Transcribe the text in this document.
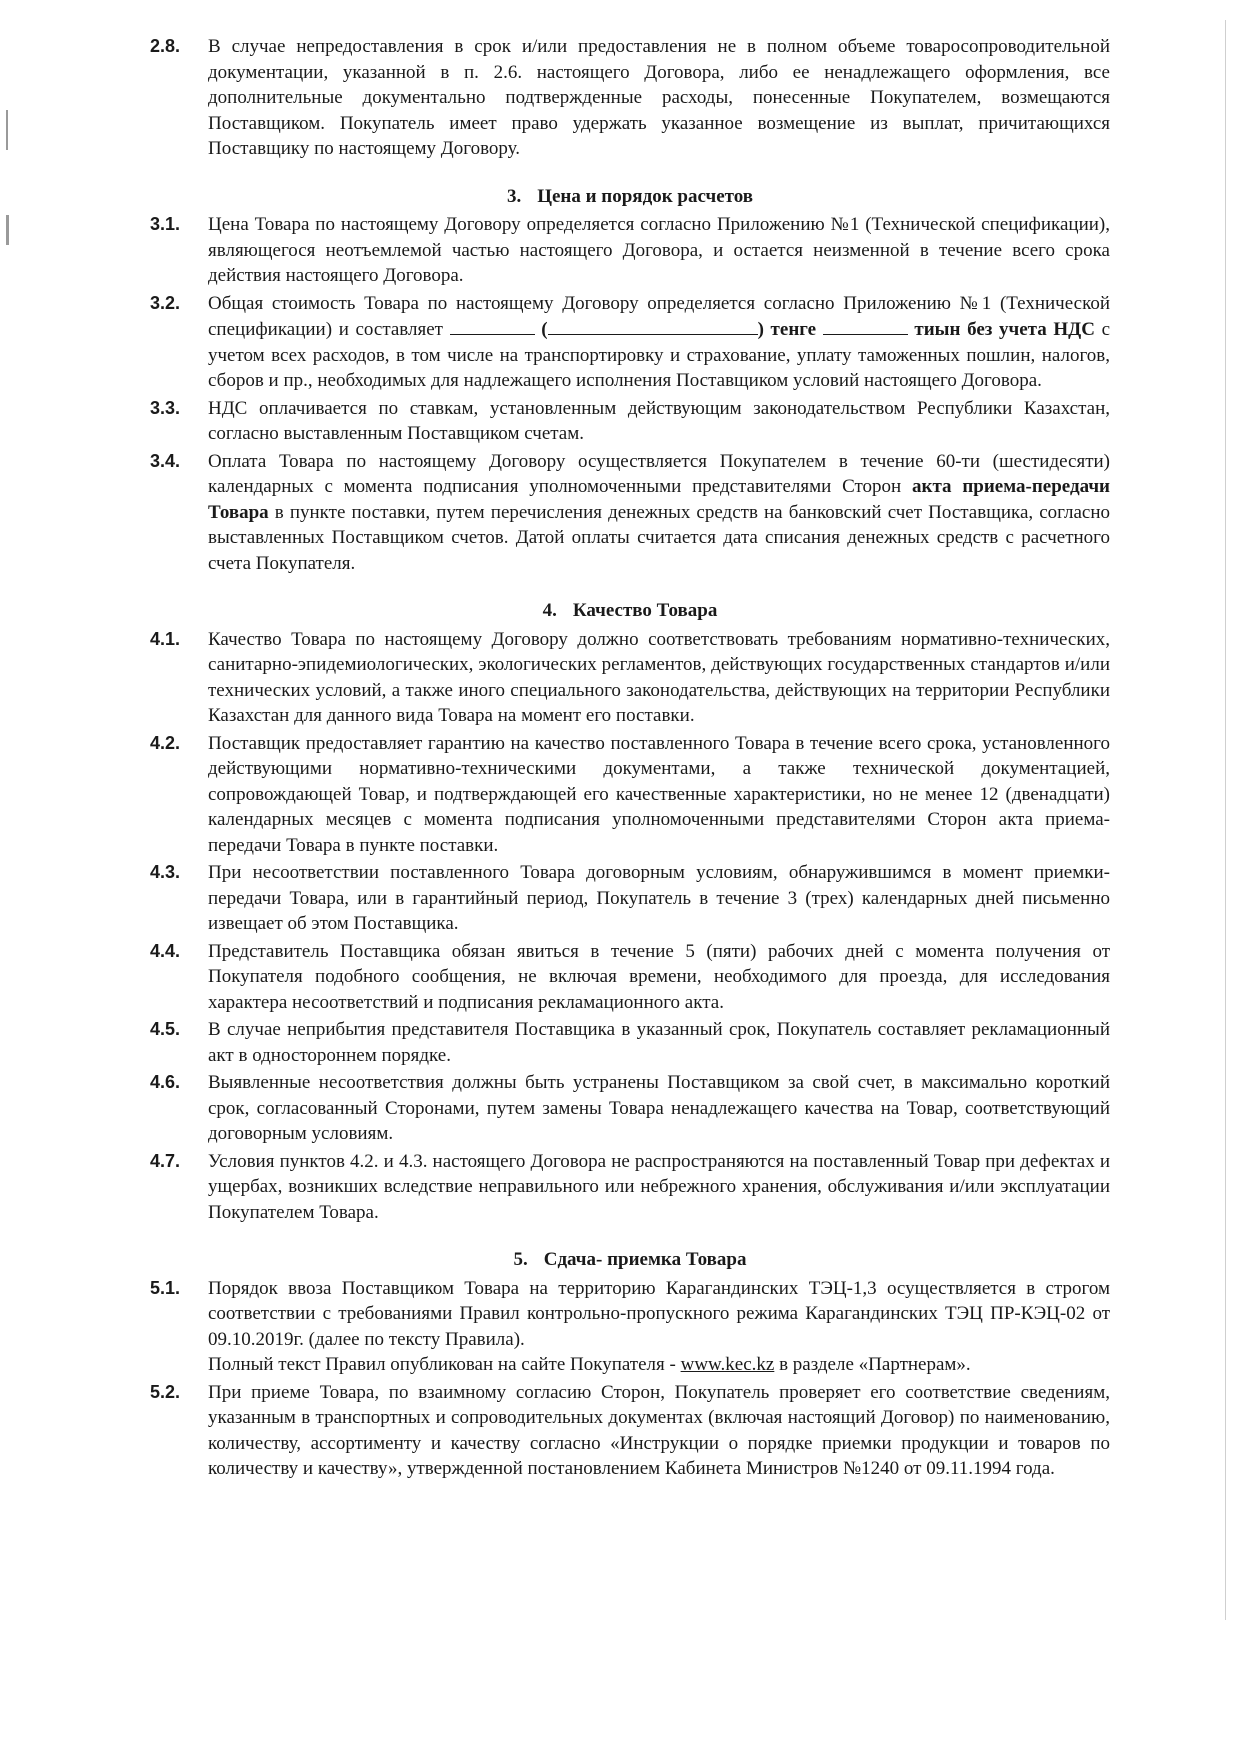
2.8. В случае непредоставления в срок и/или предоставления не в полном объеме товаросопроводительной документации, указанной в п. 2.6. настоящего Договора, либо ее ненадлежащего оформления, все дополнительные документально подтвержденные расходы, понесенные Покупателем, возмещаются Поставщиком. Покупатель имеет право удержать указанное возмещение из выплат, причитающихся Поставщику по настоящему Договору.
3. Цена и порядок расчетов
3.1. Цена Товара по настоящему Договору определяется согласно Приложению №1 (Технической спецификации), являющегося неотъемлемой частью настоящего Договора, и остается неизменной в течение всего срока действия настоящего Договора.
3.2. Общая стоимость Товара по настоящему Договору определяется согласно Приложению №1 (Технической спецификации) и составляет	(	) тенге	тиын без учета НДС с учетом всех расходов, в том числе на транспортировку и страхование, уплату таможенных пошлин, налогов, сборов и пр., необходимых для надлежащего исполнения Поставщиком условий настоящего Договора.
3.3. НДС оплачивается по ставкам, установленным действующим законодательством Республики Казахстан, согласно выставленным Поставщиком счетам.
3.4. Оплата Товара по настоящему Договору осуществляется Покупателем в течение 60-ти (шестидесяти) календарных с момента подписания уполномоченными представителями Сторон акта приема-передачи Товара в пункте поставки, путем перечисления денежных средств на банковский счет Поставщика, согласно выставленных Поставщиком счетов. Датой оплаты считается дата списания денежных средств с расчетного счета Покупателя.
4. Качество Товара
4.1. Качество Товара по настоящему Договору должно соответствовать требованиям нормативно-технических, санитарно-эпидемиологических, экологических регламентов, действующих государственных стандартов и/или технических условий, а также иного специального законодательства, действующих на территории Республики Казахстан для данного вида Товара на момент его поставки.
4.2. Поставщик предоставляет гарантию на качество поставленного Товара в течение всего срока, установленного действующими нормативно-техническими документами, а также технической документацией, сопровождающей Товар, и подтверждающей его качественные характеристики, но не менее 12 (двенадцати) календарных месяцев с момента подписания уполномоченными представителями Сторон акта приема-передачи Товара в пункте поставки.
4.3. При несоответствии поставленного Товара договорным условиям, обнаружившимся в момент приемки-передачи Товара, или в гарантийный период, Покупатель в течение 3 (трех) календарных дней письменно извещает об этом Поставщика.
4.4. Представитель Поставщика обязан явиться в течение 5 (пяти) рабочих дней с момента получения от Покупателя подобного сообщения, не включая времени, необходимого для проезда, для исследования характера несоответствий и подписания рекламационного акта.
4.5. В случае неприбытия представителя Поставщика в указанный срок, Покупатель составляет рекламационный акт в одностороннем порядке.
4.6. Выявленные несоответствия должны быть устранены Поставщиком за свой счет, в максимально короткий срок, согласованный Сторонами, путем замены Товара ненадлежащего качества на Товар, соответствующий договорным условиям.
4.7. Условия пунктов 4.2. и 4.3. настоящего Договора не распространяются на поставленный Товар при дефектах и ущербах, возникших вследствие неправильного или небрежного хранения, обслуживания и/или эксплуатации Покупателем Товара.
5. Сдача- приемка Товара
5.1. Порядок ввоза Поставщиком Товара на территорию Карагандинских ТЭЦ-1,3 осуществляется в строгом соответствии с требованиями Правил контрольно-пропускного режима Карагандинских ТЭЦ ПР-КЭЦ-02 от 09.10.2019г. (далее по тексту Правила).
Полный текст Правил опубликован на сайте Покупателя - www.kec.kz в разделе «Партнерам».
5.2. При приеме Товара, по взаимному согласию Сторон, Покупатель проверяет его соответствие сведениям, указанным в транспортных и сопроводительных документах (включая настоящий Договор) по наименованию, количеству, ассортименту и качеству согласно «Инструкции о порядке приемки продукции и товаров по количеству и качеству», утвержденной постановлением Кабинета Министров №1240 от 09.11.1994 года.
